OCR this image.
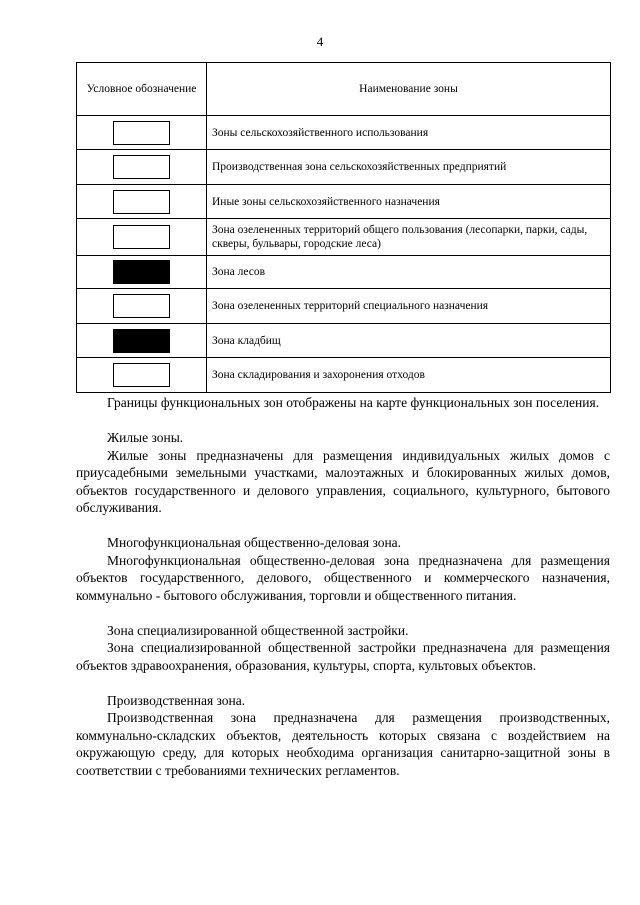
4
Условное обозначение	Наименование зоны
	Зоны сельскохозяйственного использования
	Производственная зона сельскохозяйственных предприятий
	Иные зоны сельскохозяйственного назначения
	Зона озелененных территорий общего пользования (лесопарки, парки, сады, скверы, бульвары, городские леса)
	Зона лесов
	Зона озелененных территорий специального назначения
	Зона кладбищ
	Зона складирования и захоронения отходов

Границы функциональных зон отображены на карте функциональных зон поселения.

Жилые зоны.

Жилые зоны предназначены для размещения индивидуальных жилых домов с приусадебными земельными участками, малоэтажных и блокированных жилых домов, объектов государственного и делового управления, социального, культурного, бытового обслуживания.

Многофункциональная общественно-деловая зона.

Многофункциональная общественно-деловая зона предназначена для размещения объектов государственного, делового, общественного и коммерческого назначения, коммунально - бытового обслуживания, торговли и общественного питания.

Зона специализированной общественной застройки.

Зона специализированной общественной застройки предназначена для размещения объектов здравоохранения, образования, культуры, спорта, культовых объектов.

Производственная зона.

Производственная зона предназначена для размещения производственных, коммунально-складских объектов, деятельность которых связана с воздействием на окружающую среду, для которых необходима организация санитарно-защитной зоны в соответствии с требованиями технических регламентов.
